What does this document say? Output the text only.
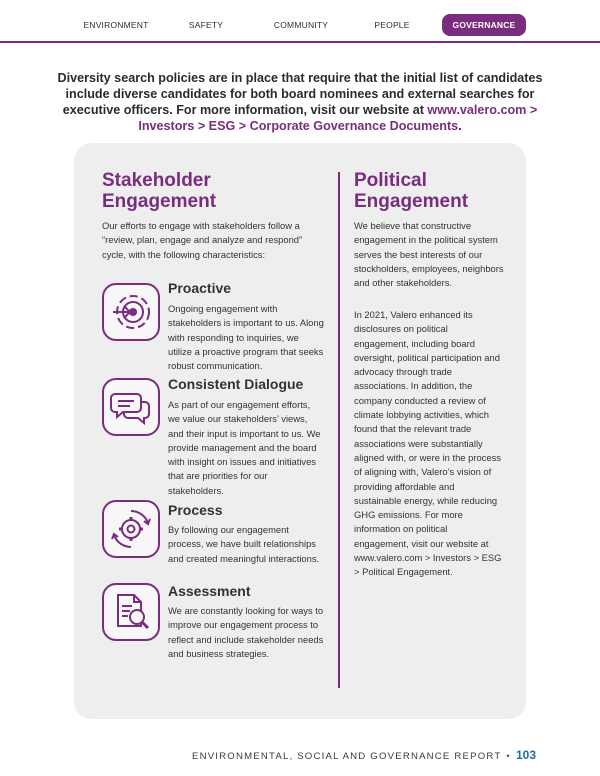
ENVIRONMENT	SAFETY	COMMUNITY	PEOPLE	GOVERNANCE
Diversity search policies are in place that require that the initial list of candidates include diverse candidates for both board nominees and external searches for executive officers. For more information, visit our website at www.valero.com > Investors > ESG > Corporate Governance Documents.
Stakeholder
Engagement
Our efforts to engage with stakeholders follow a “review, plan, engage and analyze and respond” cycle, with the following characteristics:
Proactive
Ongoing engagement with stakeholders is important to us. Along with responding to inquiries, we utilize a proactive program that seeks robust communication.
Consistent Dialogue
As part of our engagement efforts, we value our stakeholders’ views, and their input is important to us. We provide management and the board with insight on issues and initiatives that are priorities for our stakeholders.
Process
By following our engagement process, we have built relationships and created meaningful interactions.
Assessment
We are constantly looking for ways to improve our engagement process to reflect and include stakeholder needs and business strategies.
Political
Engagement
We believe that constructive engagement in the political system serves the best interests of our stockholders, employees, neighbors and other stakeholders.
In 2021, Valero enhanced its disclosures on political engagement, including board oversight, political participation and advocacy through trade associations. In addition, the company conducted a review of climate lobbying activities, which found that the relevant trade associations were substantially aligned with, or were in the process of aligning with, Valero’s vision of providing affordable and sustainable energy, while reducing GHG emissions. For more information on political engagement, visit our website at www.valero.com > Investors > ESG > Political Engagement.
ENVIRONMENTAL, SOCIAL AND GOVERNANCE REPORT • 103
